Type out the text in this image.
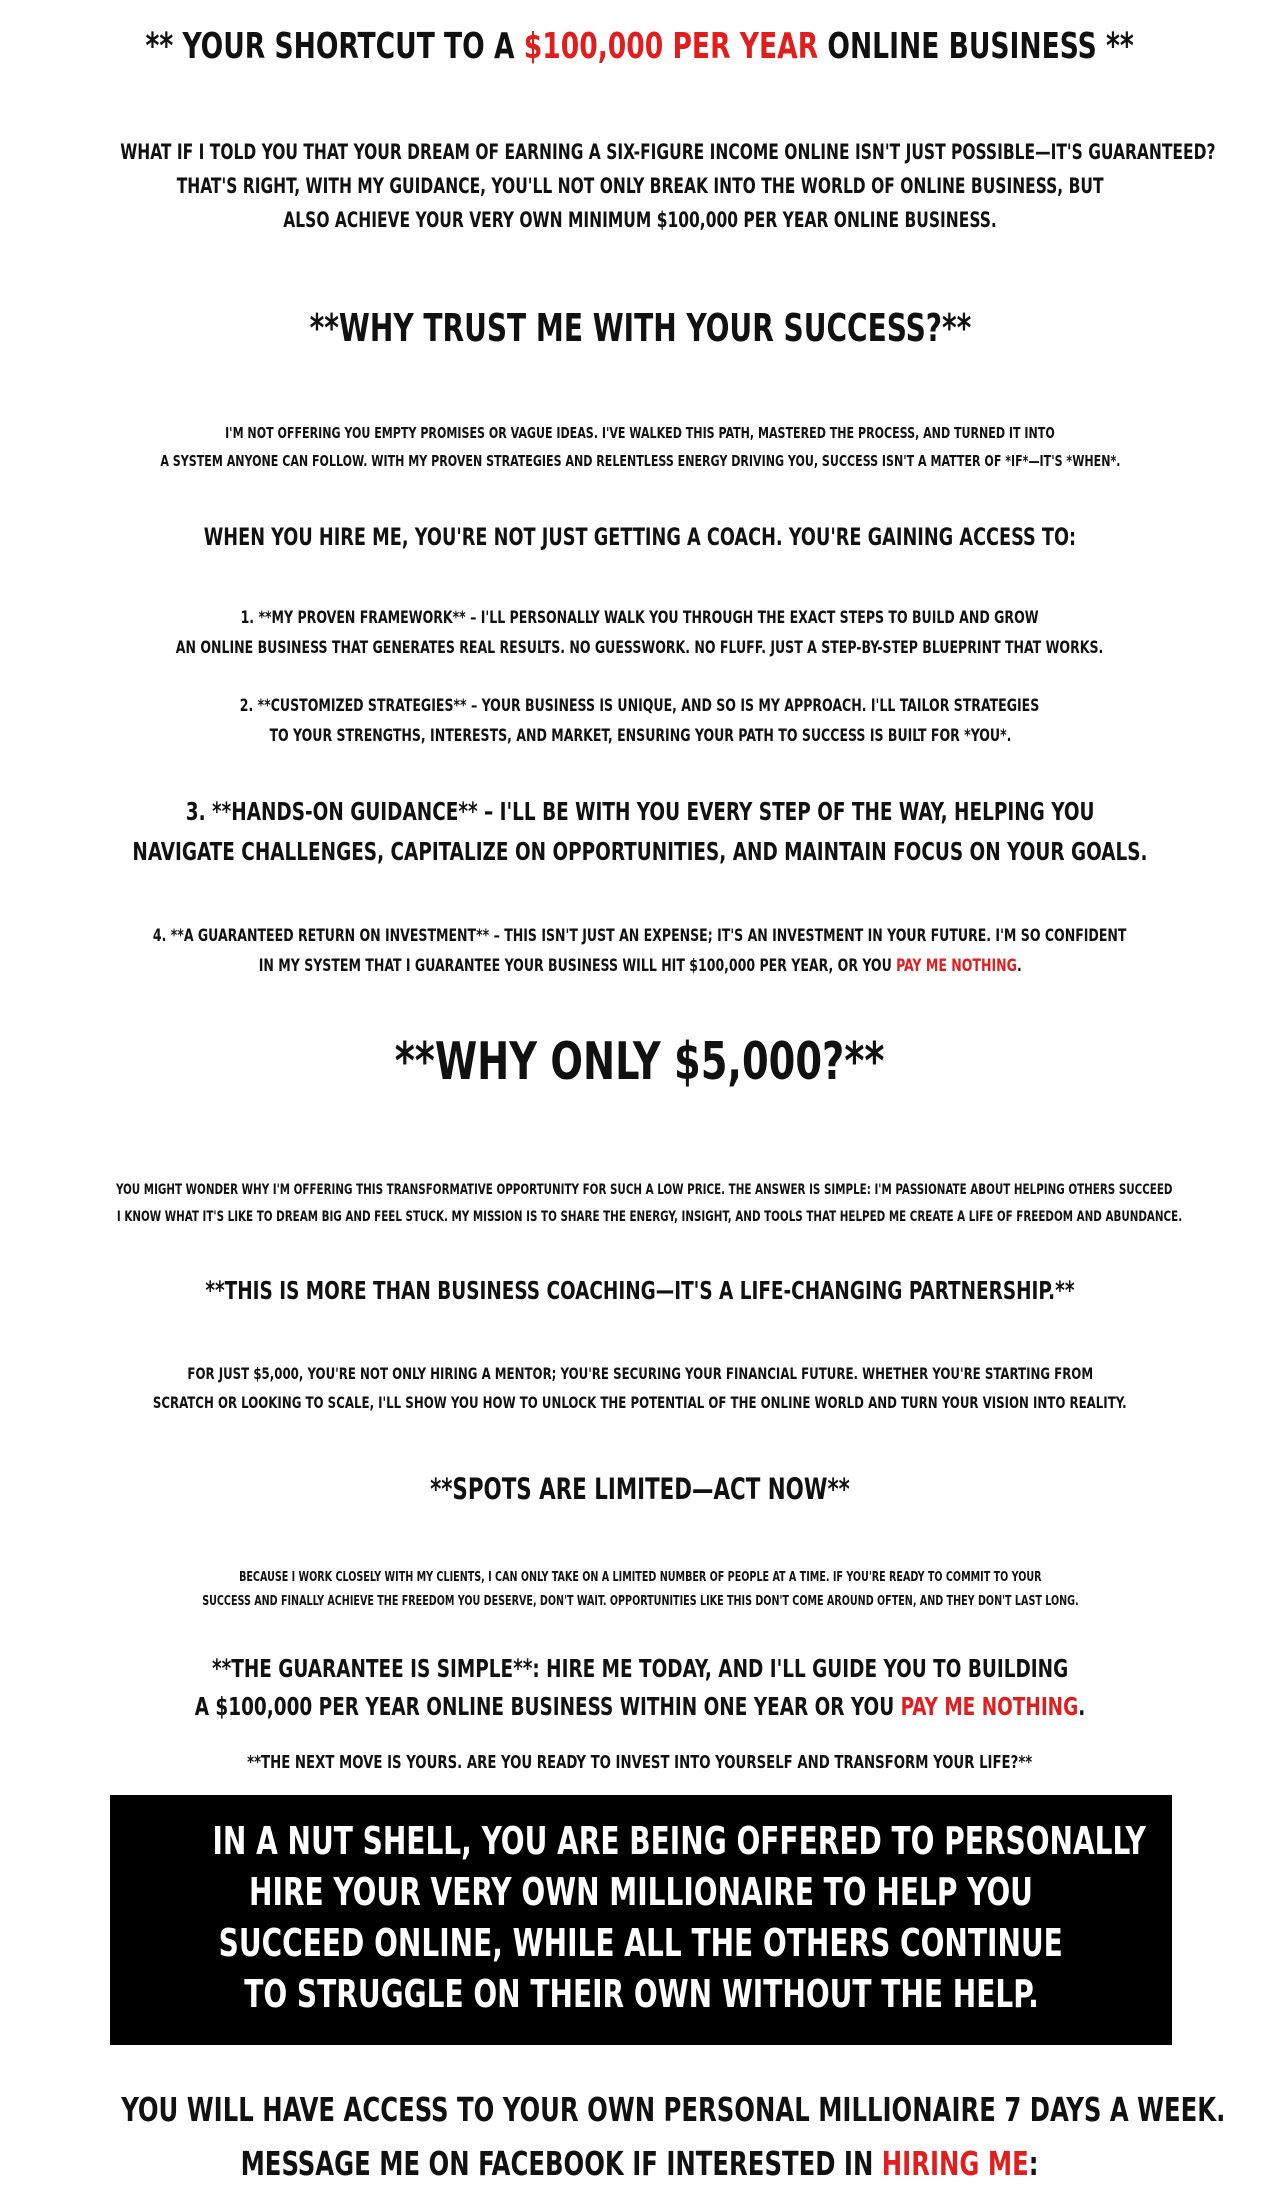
** YOUR SHORTCUT TO A $100,000 PER YEAR ONLINE BUSINESS **
WHAT IF I TOLD YOU THAT YOUR DREAM OF EARNING A SIX-FIGURE INCOME ONLINE ISN'T JUST POSSIBLE—IT'S GUARANTEED?
THAT'S RIGHT, WITH MY GUIDANCE, YOU'LL NOT ONLY BREAK INTO THE WORLD OF ONLINE BUSINESS, BUT
ALSO ACHIEVE YOUR VERY OWN MINIMUM $100,000 PER YEAR ONLINE BUSINESS.
**WHY TRUST ME WITH YOUR SUCCESS?**
I'M NOT OFFERING YOU EMPTY PROMISES OR VAGUE IDEAS. I'VE WALKED THIS PATH, MASTERED THE PROCESS, AND TURNED IT INTO
A SYSTEM ANYONE CAN FOLLOW. WITH MY PROVEN STRATEGIES AND RELENTLESS ENERGY DRIVING YOU, SUCCESS ISN'T A MATTER OF *IF*—IT'S *WHEN*.
WHEN YOU HIRE ME, YOU'RE NOT JUST GETTING A COACH. YOU'RE GAINING ACCESS TO:
1. **MY PROVEN FRAMEWORK** – I'LL PERSONALLY WALK YOU THROUGH THE EXACT STEPS TO BUILD AND GROW
AN ONLINE BUSINESS THAT GENERATES REAL RESULTS. NO GUESSWORK. NO FLUFF. JUST A STEP-BY-STEP BLUEPRINT THAT WORKS.
2. **CUSTOMIZED STRATEGIES** – YOUR BUSINESS IS UNIQUE, AND SO IS MY APPROACH. I'LL TAILOR STRATEGIES
TO YOUR STRENGTHS, INTERESTS, AND MARKET, ENSURING YOUR PATH TO SUCCESS IS BUILT FOR *YOU*.
3. **HANDS-ON GUIDANCE** – I'LL BE WITH YOU EVERY STEP OF THE WAY, HELPING YOU
NAVIGATE CHALLENGES, CAPITALIZE ON OPPORTUNITIES, AND MAINTAIN FOCUS ON YOUR GOALS.
4. **A GUARANTEED RETURN ON INVESTMENT** – THIS ISN'T JUST AN EXPENSE; IT'S AN INVESTMENT IN YOUR FUTURE. I'M SO CONFIDENT
IN MY SYSTEM THAT I GUARANTEE YOUR BUSINESS WILL HIT $100,000 PER YEAR, OR YOU PAY ME NOTHING.
**WHY ONLY $5,000?**
YOU MIGHT WONDER WHY I'M OFFERING THIS TRANSFORMATIVE OPPORTUNITY FOR SUCH A LOW PRICE. THE ANSWER IS SIMPLE: I'M PASSIONATE ABOUT HELPING OTHERS SUCCEED
I KNOW WHAT IT'S LIKE TO DREAM BIG AND FEEL STUCK. MY MISSION IS TO SHARE THE ENERGY, INSIGHT, AND TOOLS THAT HELPED ME CREATE A LIFE OF FREEDOM AND ABUNDANCE.
**THIS IS MORE THAN BUSINESS COACHING—IT'S A LIFE-CHANGING PARTNERSHIP.**
FOR JUST $5,000, YOU'RE NOT ONLY HIRING A MENTOR; YOU'RE SECURING YOUR FINANCIAL FUTURE. WHETHER YOU'RE STARTING FROM
SCRATCH OR LOOKING TO SCALE, I'LL SHOW YOU HOW TO UNLOCK THE POTENTIAL OF THE ONLINE WORLD AND TURN YOUR VISION INTO REALITY.
**SPOTS ARE LIMITED—ACT NOW**
BECAUSE I WORK CLOSELY WITH MY CLIENTS, I CAN ONLY TAKE ON A LIMITED NUMBER OF PEOPLE AT A TIME. IF YOU'RE READY TO COMMIT TO YOUR
SUCCESS AND FINALLY ACHIEVE THE FREEDOM YOU DESERVE, DON'T WAIT. OPPORTUNITIES LIKE THIS DON'T COME AROUND OFTEN, AND THEY DON'T LAST LONG.
**THE GUARANTEE IS SIMPLE**: HIRE ME TODAY, AND I'LL GUIDE YOU TO BUILDING
A $100,000 PER YEAR ONLINE BUSINESS WITHIN ONE YEAR OR YOU PAY ME NOTHING.
**THE NEXT MOVE IS YOURS. ARE YOU READY TO INVEST INTO YOURSELF AND TRANSFORM YOUR LIFE?**
IN A NUT SHELL, YOU ARE BEING OFFERED TO PERSONALLY
HIRE YOUR VERY OWN MILLIONAIRE TO HELP YOU
SUCCEED ONLINE, WHILE ALL THE OTHERS CONTINUE
TO STRUGGLE ON THEIR OWN WITHOUT THE HELP.
YOU WILL HAVE ACCESS TO YOUR OWN PERSONAL MILLIONAIRE 7 DAYS A WEEK.
MESSAGE ME ON FACEBOOK IF INTERESTED IN HIRING ME:
